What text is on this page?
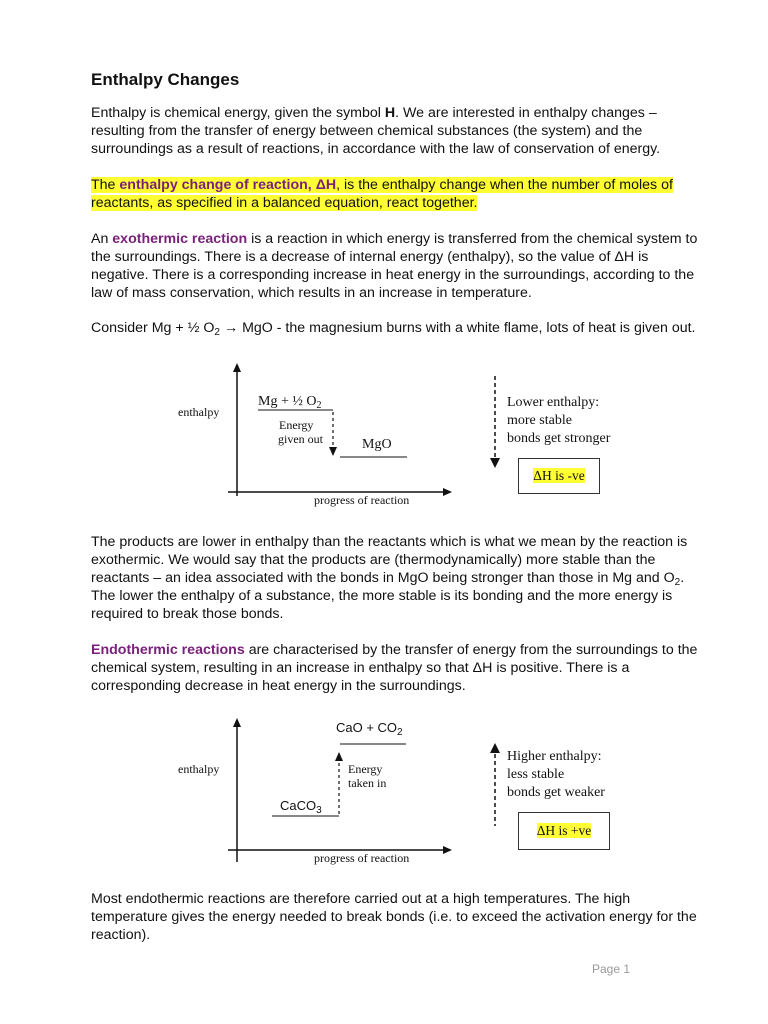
Enthalpy Changes

Enthalpy is chemical energy, given the symbol H. We are interested in enthalpy changes – resulting from the transfer of energy between chemical substances (the system) and the surroundings as a result of reactions, in accordance with the law of conservation of energy.

The enthalpy change of reaction, ΔH, is the enthalpy change when the number of moles of reactants, as specified in a balanced equation, react together.

An exothermic reaction is a reaction in which energy is transferred from the chemical system to the surroundings. There is a decrease of internal energy (enthalpy), so the value of ΔH is negative. There is a corresponding increase in heat energy in the surroundings, according to the law of mass conservation, which results in an increase in temperature.

Consider Mg + ½ $O_2$ → MgO - the magnesium burns with a white flame, lots of heat is given out.

enthalpy
Mg + ½ $O_2$
Energy
given out	MgO
progress of reaction
Lower enthalpy:
more stable
bonds get stronger
ΔH is -ve

The products are lower in enthalpy than the reactants which is what we mean by the reaction is exothermic. We would say that the products are (thermodynamically) more stable than the reactants – an idea associated with the bonds in MgO being stronger than those in Mg and $O_2$. The lower the enthalpy of a substance, the more stable is its bonding and the more energy is required to break those bonds.

Endothermic reactions are characterised by the transfer of energy from the surroundings to the chemical system, resulting in an increase in enthalpy so that ΔH is positive. There is a corresponding decrease in heat energy in the surroundings.

enthalpy
CaO + $CO_2$
Energy
taken in
CaCO$_3$
progress of reaction
Higher enthalpy:
less stable
bonds get weaker
ΔH is +ve

Most endothermic reactions are therefore carried out at a high temperatures. The high temperature gives the energy needed to break bonds (i.e. to exceed the activation energy for the reaction).

Page 1
